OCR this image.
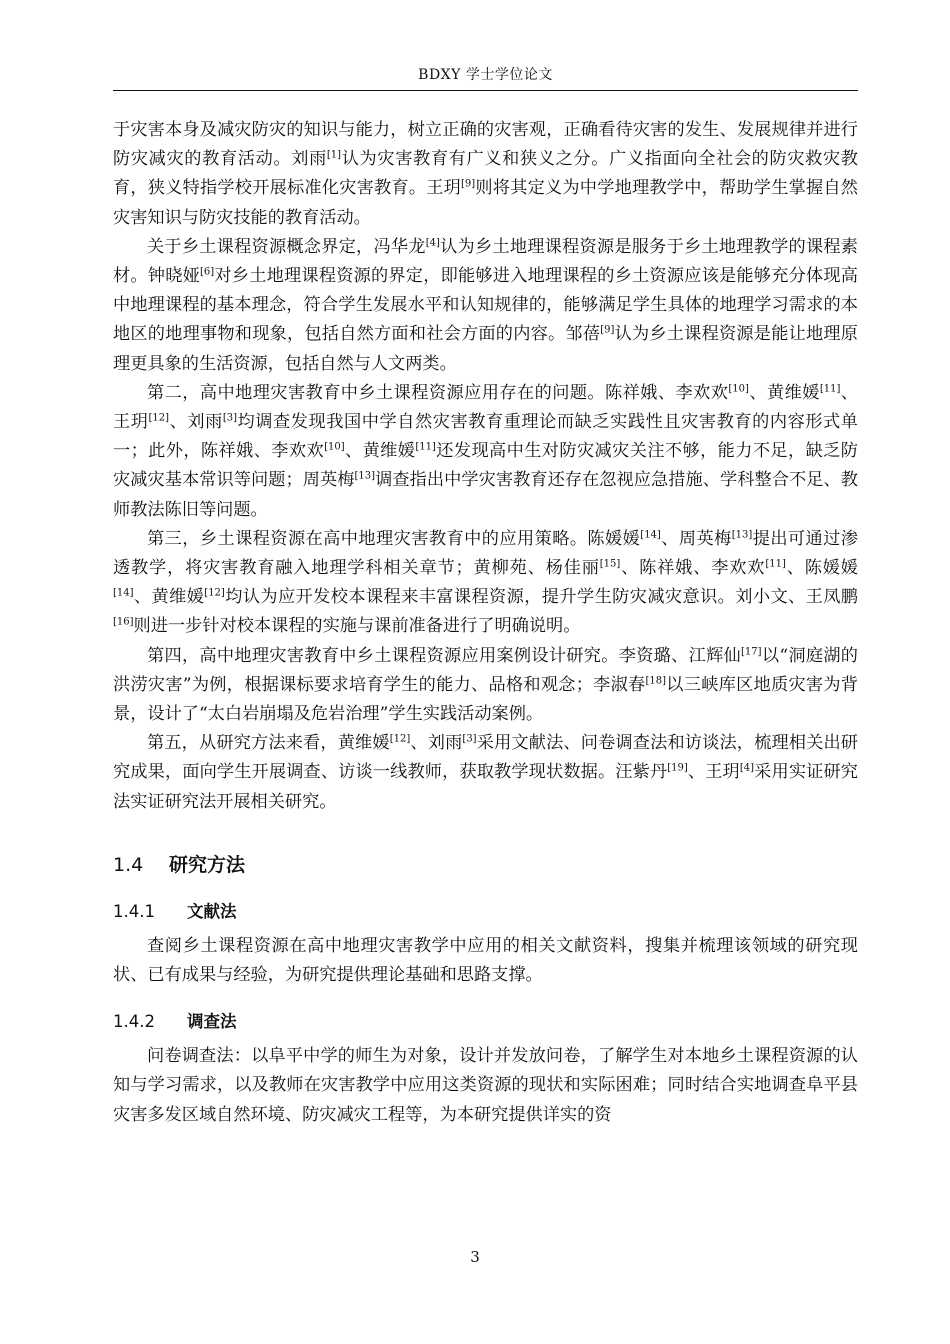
BDXY 学士学位论文

于灾害本身及减灾防灾的知识与能力，树立正确的灾害观，正确看待灾害的发生、发展规律并进行防灾减灾的教育活动。刘雨[1]认为灾害教育有广义和狭义之分。广义指面向全社会的防灾救灾教育，狭义特指学校开展标准化灾害教育。王玥[9]则将其定义为中学地理教学中，帮助学生掌握自然灾害知识与防灾技能的教育活动。

关于乡土课程资源概念界定，冯华龙[4]认为乡土地理课程资源是服务于乡土地理教学的课程素材。钟晓娅[6]对乡土地理课程资源的界定，即能够进入地理课程的乡土资源应该是能够充分体现高中地理课程的基本理念，符合学生发展水平和认知规律的，能够满足学生具体的地理学习需求的本地区的地理事物和现象，包括自然方面和社会方面的内容。邹蓓[9]认为乡土课程资源是能让地理原理更具象的生活资源，包括自然与人文两类。

第二，高中地理灾害教育中乡土课程资源应用存在的问题。陈祥娥、李欢欢[10]、黄维媛[11]、王玥[12]、刘雨[3]均调查发现我国中学自然灾害教育重理论而缺乏实践性且灾害教育的内容形式单一；此外，陈祥娥、李欢欢[10]、黄维媛[11]还发现高中生对防灾减灾关注不够，能力不足，缺乏防灾减灾基本常识等问题；周英梅[13]调查指出中学灾害教育还存在忽视应急措施、学科整合不足、教师教法陈旧等问题。

第三，乡土课程资源在高中地理灾害教育中的应用策略。陈媛媛[14]、周英梅[13]提出可通过渗透教学，将灾害教育融入地理学科相关章节；黄柳苑、杨佳丽[15]、陈祥娥、李欢欢[11]、陈媛媛[14]、黄维媛[12]均认为应开发校本课程来丰富课程资源，提升学生防灾减灾意识。刘小文、王凤鹏[16]则进一步针对校本课程的实施与课前准备进行了明确说明。

第四，高中地理灾害教育中乡土课程资源应用案例设计研究。李资璐、江辉仙[17]以“洞庭湖的洪涝灾害”为例，根据课标要求培育学生的能力、品格和观念；李淑春[18]以三峡库区地质灾害为背景，设计了“太白岩崩塌及危岩治理”学生实践活动案例。

第五，从研究方法来看，黄维媛[12]、刘雨[3]采用文献法、问卷调查法和访谈法，梳理相关出研究成果，面向学生开展调查、访谈一线教师，获取教学现状数据。汪紫丹[19]、王玥[4]采用实证研究法实证研究法开展相关研究。

1.4 研究方法
1.4.1 文献法

查阅乡土课程资源在高中地理灾害教学中应用的相关文献资料，搜集并梳理该领域的研究现状、已有成果与经验，为研究提供理论基础和思路支撑。

1.4.2 调查法

问卷调查法：以阜平中学的师生为对象，设计并发放问卷，了解学生对本地乡土课程资源的认知与学习需求，以及教师在灾害教学中应用这类资源的现状和实际困难；同时结合实地调查阜平县灾害多发区域自然环境、防灾减灾工程等，为本研究提供详实的资

3
